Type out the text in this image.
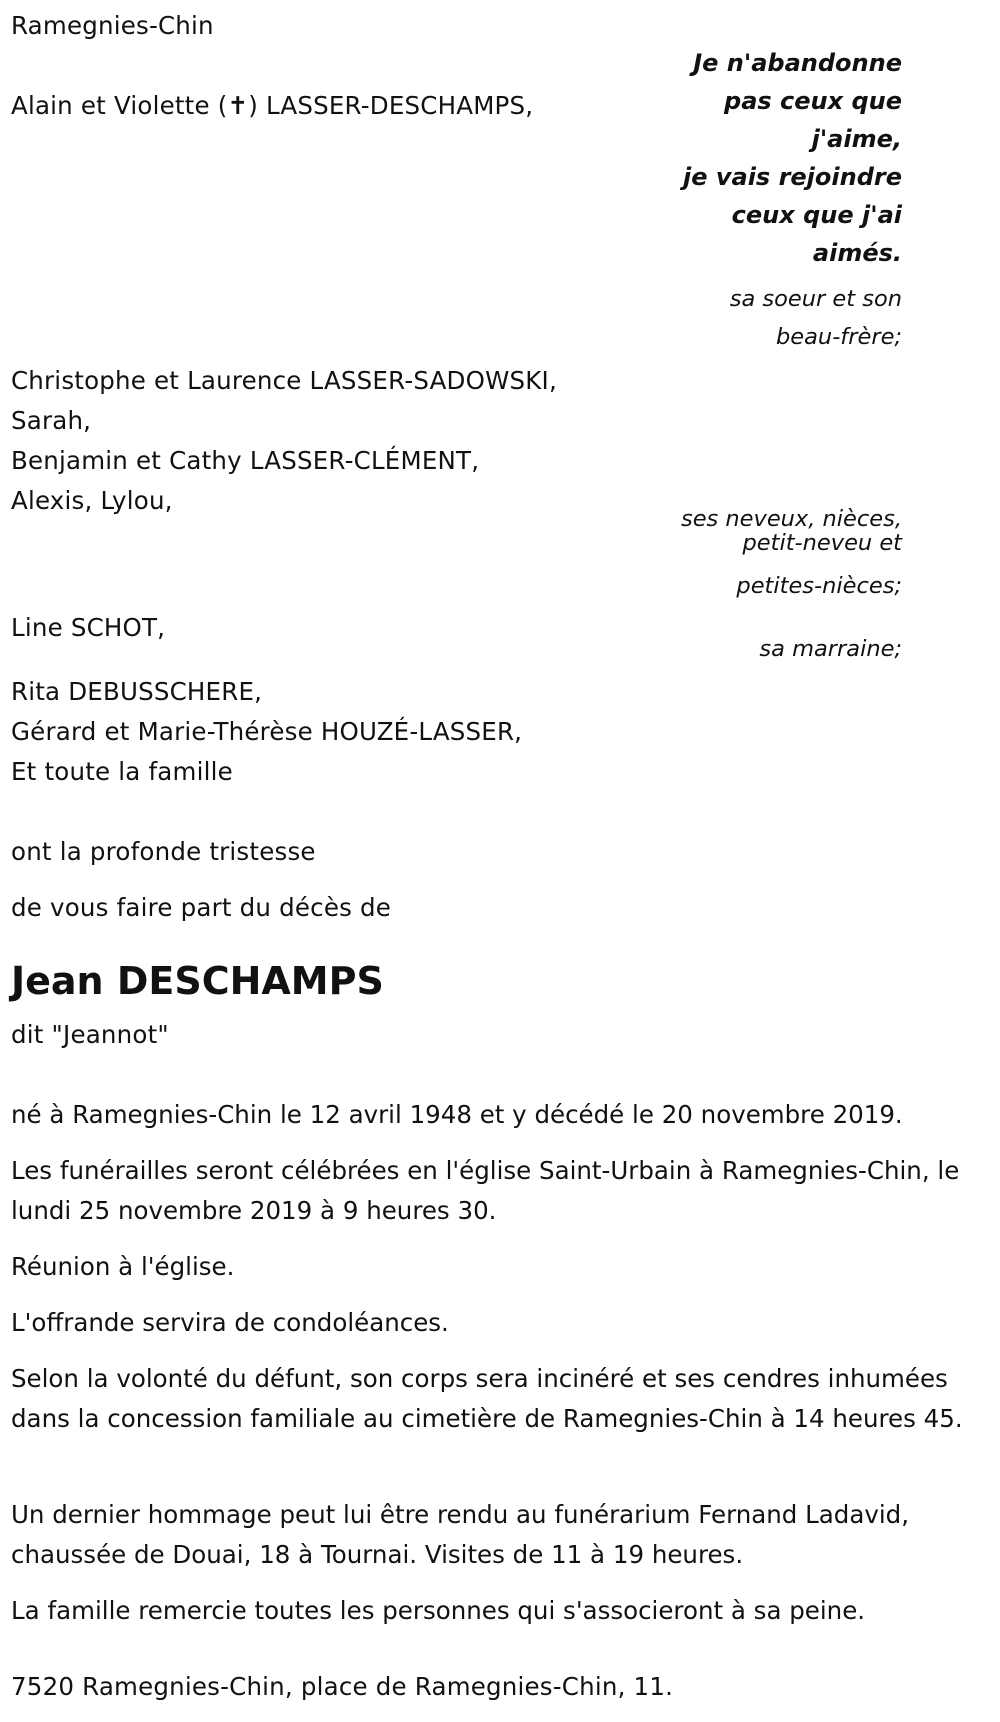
Ramegnies-Chin
Je n'abandonne
pas ceux que
j'aime,
je vais rejoindre
ceux que j'ai
aimés.
Alain et Violette (✝) LASSER-DESCHAMPS,
sa soeur et son
beau-frère;
Christophe et Laurence LASSER-SADOWSKI,
Sarah,
Benjamin et Cathy LASSER-CLÉMENT,
Alexis, Lylou,
ses neveux, nièces,
petit-neveu et
petites-nièces;
Line SCHOT,
sa marraine;
Rita DEBUSSCHERE,
Gérard et Marie-Thérèse HOUZÉ-LASSER,
Et toute la famille
ont la profonde tristesse
de vous faire part du décès de
Jean DESCHAMPS
dit "Jeannot"
né à Ramegnies-Chin le 12 avril 1948 et y décédé le 20 novembre 2019.
Les funérailles seront célébrées en l'église Saint-Urbain à Ramegnies-Chin, le lundi 25 novembre 2019 à 9 heures 30.
Réunion à l'église.
L'offrande servira de condoléances.
Selon la volonté du défunt, son corps sera incinéré et ses cendres inhumées dans la concession familiale au cimetière de Ramegnies-Chin à 14 heures 45.
Un dernier hommage peut lui être rendu au funérarium Fernand Ladavid, chaussée de Douai, 18 à Tournai. Visites de 11 à 19 heures.
La famille remercie toutes les personnes qui s'associeront à sa peine.
7520 Ramegnies-Chin, place de Ramegnies-Chin, 11.
